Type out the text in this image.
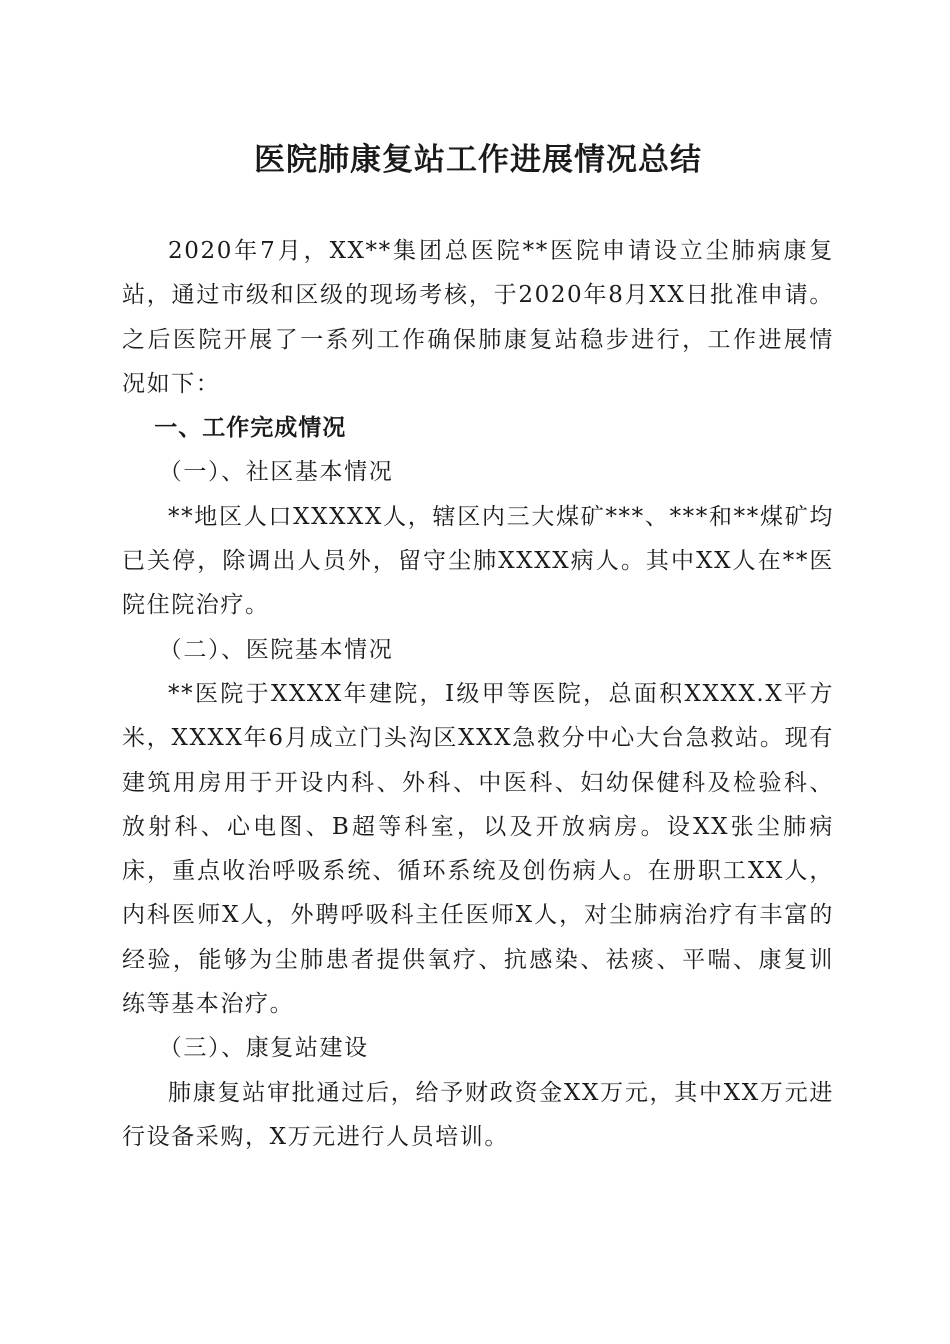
医院肺康复站工作进展情况总结

2020年7月，XX**集团总医院**医院申请设立尘肺病康复站，通过市级和区级的现场考核，于2020年8月XX日批准申请。之后医院开展了一系列工作确保肺康复站稳步进行，工作进展情况如下：

一、工作完成情况

（一）、社区基本情况

**地区人口XXXXX人，辖区内三大煤矿***、***和**煤矿均已关停，除调出人员外，留守尘肺XXXX病人。其中XX人在**医院住院治疗。

（二）、医院基本情况

**医院于XXXX年建院，Ⅰ级甲等医院，总面积XXXX.X平方米，XXXX年6月成立门头沟区XXX急救分中心大台急救站。现有建筑用房用于开设内科、外科、中医科、妇幼保健科及检验科、放射科、心电图、B超等科室，以及开放病房。设XX张尘肺病床，重点收治呼吸系统、循环系统及创伤病人。在册职工XX人，内科医师X人，外聘呼吸科主任医师X人，对尘肺病治疗有丰富的经验，能够为尘肺患者提供氧疗、抗感染、祛痰、平喘、康复训练等基本治疗。

（三）、康复站建设

肺康复站审批通过后，给予财政资金XX万元，其中XX万元进行设备采购，X万元进行人员培训。
